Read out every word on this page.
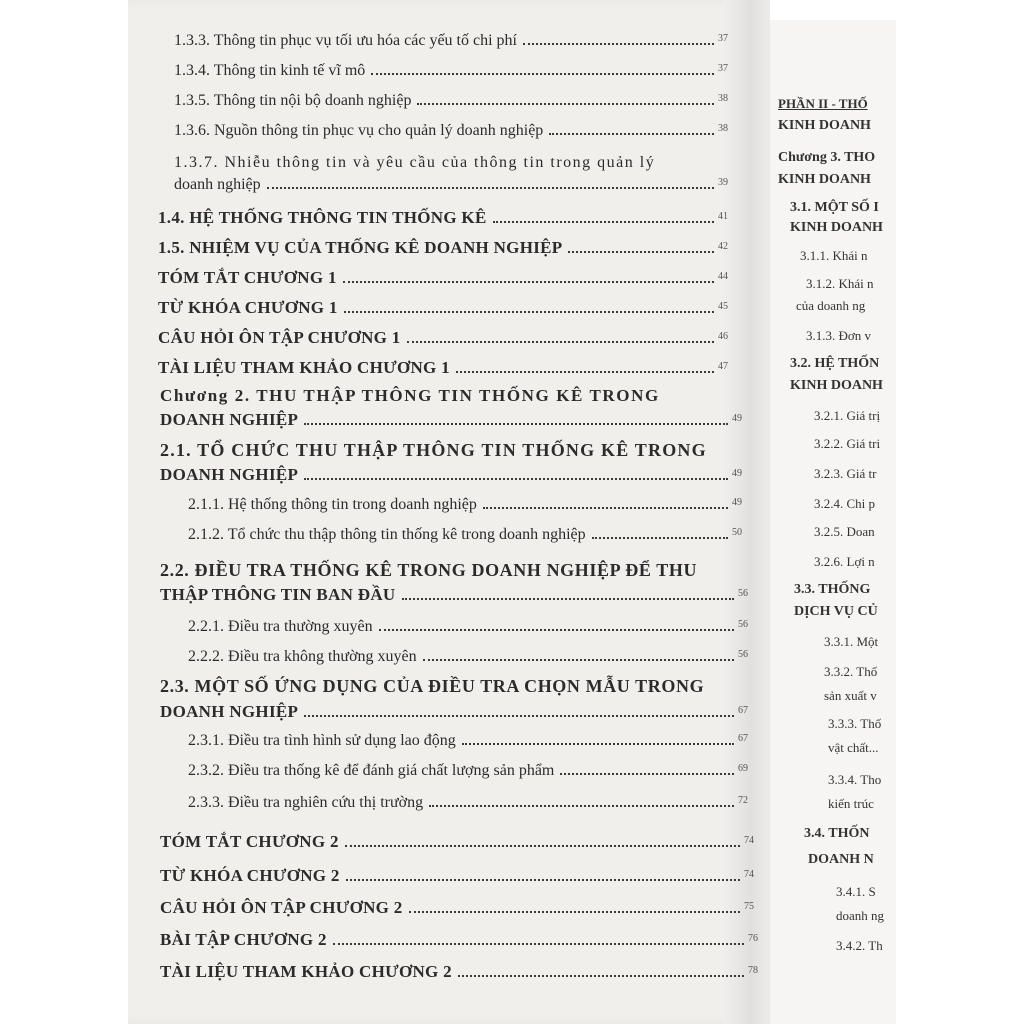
1.3.3. Thông tin phục vụ tối ưu hóa các yếu tố chi phí	37
1.3.4. Thông tin kinh tế vĩ mô	37
1.3.5. Thông tin nội bộ doanh nghiệp	38
1.3.6. Nguồn thông tin phục vụ cho quản lý doanh nghiệp	38
1.3.7. Nhiễu thông tin và yêu cầu của thông tin trong quản lý
doanh nghiệp	39
1.4. HỆ THỐNG THÔNG TIN THỐNG KÊ	41
1.5. NHIỆM VỤ CỦA THỐNG KÊ DOANH NGHIỆP	42
TÓM TẮT CHƯƠNG 1	44
TỪ KHÓA CHƯƠNG 1	45
CÂU HỎI ÔN TẬP CHƯƠNG 1	46
TÀI LIỆU THAM KHẢO CHƯƠNG 1	47
Chương 2. THU THẬP THÔNG TIN THỐNG KÊ TRONG
DOANH NGHIỆP	49
2.1. TỔ CHỨC THU THẬP THÔNG TIN THỐNG KÊ TRONG
DOANH NGHIỆP	49
2.1.1. Hệ thống thông tin trong doanh nghiệp	49
2.1.2. Tổ chức thu thập thông tin thống kê trong doanh nghiệp	50
2.2. ĐIỀU TRA THỐNG KÊ TRONG DOANH NGHIỆP ĐỂ THU
THẬP THÔNG TIN BAN ĐẦU	56
2.2.1. Điều tra thường xuyên	56
2.2.2. Điều tra không thường xuyên	56
2.3. MỘT SỐ ỨNG DỤNG CỦA ĐIỀU TRA CHỌN MẪU TRONG
DOANH NGHIỆP	67
2.3.1. Điều tra tình hình sử dụng lao động	67
2.3.2. Điều tra thống kê để đánh giá chất lượng sản phẩm	69
2.3.3. Điều tra nghiên cứu thị trường	72
TÓM TẮT CHƯƠNG 2	74
TỪ KHÓA CHƯƠNG 2	74
CÂU HỎI ÔN TẬP CHƯƠNG 2	75
BÀI TẬP CHƯƠNG 2	76
TÀI LIỆU THAM KHẢO CHƯƠNG 2	78
PHẦN II - THỐ
KINH DOANH
Chương 3. THO
KINH DOANH
3.1. MỘT SỐ I
KINH DOANH
3.1.1. Khái n
3.1.2. Khái n
của doanh ng
3.1.3. Đơn v
3.2. HỆ THỐN
KINH DOANH
3.2.1. Giá trị
3.2.2. Giá tri
3.2.3. Giá tr
3.2.4. Chi p
3.2.5. Doan
3.2.6. Lợi n
3.3. THỐNG
DỊCH VỤ CỦ
3.3.1. Một
3.3.2. Thố
sản xuất v
3.3.3. Thố
vật chất...
3.3.4. Tho
kiến trúc
3.4. THỐN
DOANH N
3.4.1. S
doanh ng
3.4.2. Th
